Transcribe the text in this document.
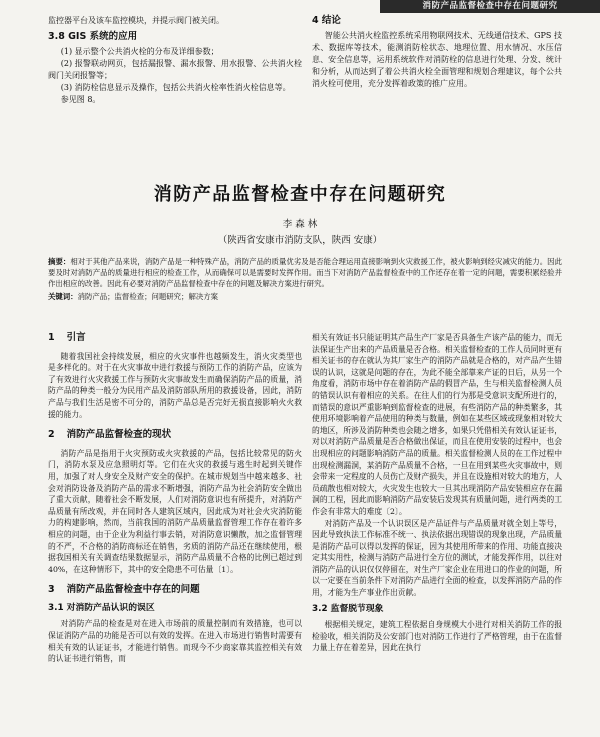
消防产品监督检查中存在问题研究

监控器平台及该车监控模块，并提示阀门被关闭。

3.8 GIS 系统的应用

(1) 显示整个公共消火栓的分布及详细参数；

(2) 报警联动网页，包括漏报警、漏水报警、用水报警、公共消火栓阀门关闭报警等；

(3) 消防栓信息显示及操作，包括公共消火栓率性消火栓信息等。

参见图 8。

4 结论

智能公共消火栓监控系统采用物联网技术、无线通信技术、GPS 技术、数据库等技术，能测消防栓状态、地理位置、用水情况、水压信息、安全信息等，运用系统软件对消防栓的信息进行处理、分发、统计和分析，从而达到了着公共消火栓全面管理和规划合理建议，每个公共消火栓可使用，充分发挥着政策的推广应用。

消防产品监督检查中存在问题研究
李 森 林
（陕西省安康市消防支队，陕西 安康）
摘要：相对于其他产品来说，消防产品是一种特殊产品，消防产品的质量优劣及是否能合理运用直接影响到火灾救援工作，被火影响到经灾减灾的能力。因此要及时对消防产品的质量进行相应的检查工作，从而确保可以是需要时发挥作用。而当下对消防产品监督检查中的工作还存在着一定的问题，需要积累经验并作出相应的改善。因此有必要对消防产品监督检查中存在的问题及解决方案进行研究。
关键词：消防产品；监督检查；问题研究；解决方案
1 引言

随着我国社会持续发展，相应的火灾事件也越频发生，消火灾类型也是多样化的。对于在火灾事故中进行救援与预防工作的消防产品，应该为了有效进行火灾救援工作与预防火灾事故发生而确保消防产品的质量，消防产品的种类一般分为民用产品及消防部队所用的救援设备，因此，消防产品与我们生活是密不可分的，消防产品总是否完好无损直接影响火火救援的能力。

2 消防产品监督检查的现状

消防产品是指用于火灾预防或火灾救援的产品，包括比较常见的防火门，消防水泵及应急照明灯等。它们在火灾的救援与逃生时起到关键作用，加强了对人身安全及财产安全的保护。在城市规划当中越来越多、社会对消防设备及消防产品的需求不断增强，消防产品为社会消防安全做出了重大贡献，随着社会不断发展，人们对消防意识也有所提升，对消防产品质量有所改观，并在同时各人建筑区域内，因此成为对社会火灾消防能力的构建影响，然而，当前我国的消防产品质量监督管理工作存在着许多相应的问题，由于企业为利益行事去销，对消防意识懒散，加之监督管理的不严，不合格的消防商标还在销售，劣质的消防产品还在继续使用，根据我国相关有关调查结果数据显示，消防产品质量不合格的比例已超过到 40%，在这种情形下，其中的安全隐患不可估量〔1〕。

3 消防产品监督检查中存在的问题
3.1 对消防产品认识的误区

对消防产品的检查是对在进入市场前的质量控制而有效措施，也可以保证消防产品的功能是否可以有效的发挥。在进入市场进行销售时需要有相关有效的认证证书，才能进行销售。而现今不少商家靠其监控相关有效的认证书进行销售，而

相关有效证书只能证明其产品生产厂家是否具备生产该产品的能力，而无法保证生产出来的产品质量是否合格。相关监督检查的工作人员同时更有相关证书的存在就认为其厂家生产的消防产品就是合格的，对产品产生错误的认识，这就是问题的存在，为此不能全部靠来产证的日后，从另一个角度看，消防市场中存在着消防产品的假冒产品，生与相关监督检测人员的错误认识有着相应的关系。在往人们的行为那是受意识支配所进行的，而错误的意识严重影响到监督检查的进展，有些消防产品的种类繁多，其使用环境影响着产品使用的种类与数量，例如在某些区域或现象相对较大的地区，所涉及消防种类也会随之增多，如果只凭借相关有效认证证书，对以对消防产品质量是否合格做出保证，而且在使用安装的过程中，也会出现相应的问题影响消防产品的质量。相关监督检测人员的在工作过程中出现检测漏洞，某消防产品质量不合格，一旦在用到某些火灾事故中，则会带来一定程度的人员伤亡及财产损失，并且在设施相对较大的地方，人员疏散也相对较大，火灾发生也较大一旦其出现消防产品安装相应存在漏洞的工程，因此而影响消防产品安装后发现其有质量问题，进行两类的工作会有非常大的难度〔2〕。

对消防产品及一个认识误区是产品证件与产品质量对就全划上等号，因此导致执法工作标准不统一、执法依据出现错误的现象出现，产品质量是消防产品可以得以发挥的保证，因为其使用所带来的作用、功能直接决定其实用性，检测与消防产品进行全方位的测试，才能发挥作用，以往对消防产品的认识仅仅停留在，对生产厂家企业在用进口的作业的问题，所以一定要在当前条件下对消防产品进行全面的检查，以发挥消防产品的作用，才能为生产事业作出贡献。

3.2 监督脱节现象

根据相关规定，建筑工程依据自身规模大小进行对相关消防工作的报检验收，相关消防及公安部门也对消防工作进行了严格管理，由于在监督力量上存在着差异，因此在执行
